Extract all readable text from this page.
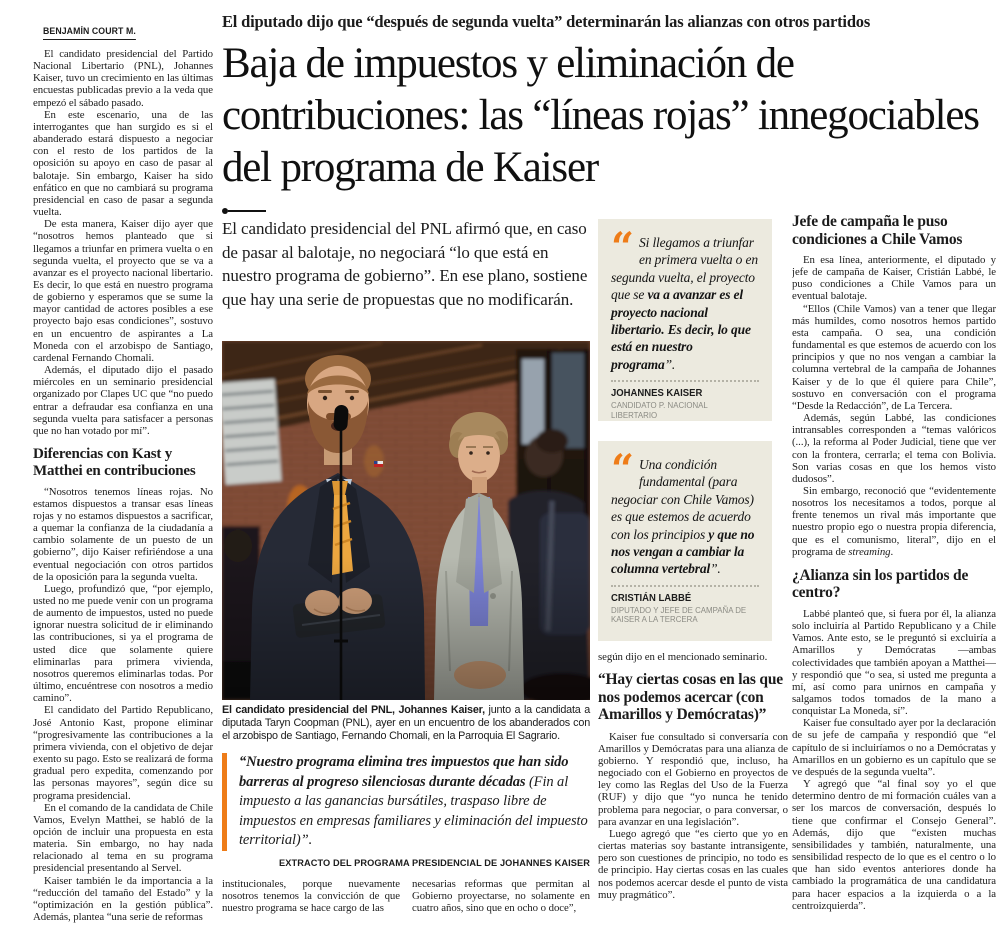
BENJAMÍN COURT M.

El candidato presidencial del Partido Nacional Libertario (PNL), Johannes Kaiser, tuvo un crecimiento en las últimas encuestas publicadas previo a la veda que empezó el sábado pasado.

En este escenario, una de las interrogantes que han surgido es si el abanderado estará dispuesto a negociar con el resto de los partidos de la oposición su apoyo en caso de pasar al balotaje. Sin embargo, Kaiser ha sido enfático en que no cambiará su programa presidencial en caso de pasar a segunda vuelta.

De esta manera, Kaiser dijo ayer que “nosotros hemos planteado que si llegamos a triunfar en primera vuelta o en segunda vuelta, el proyecto que se va a avanzar es el proyecto nacional libertario. Es decir, lo que está en nuestro programa de gobierno y esperamos que se sume la mayor cantidad de actores posibles a ese proyecto bajo esas condiciones”, sostuvo en un encuentro de aspirantes a La Moneda con el arzobispo de Santiago, cardenal Fernando Chomali.

Además, el diputado dijo el pasado miércoles en un seminario presidencial organizado por Clapes UC que “no puedo entrar a defraudar esa confianza en una segunda vuelta para satisfacer a personas que no han votado por mí”.

Diferencias con Kast y Matthei en contribuciones

“Nosotros tenemos líneas rojas. No estamos dispuestos a transar esas líneas rojas y no estamos dispuestos a sacrificar, a quemar la confianza de la ciudadanía a cambio solamente de un puesto de un gobierno”, dijo Kaiser refiriéndose a una eventual negociación con otros partidos de la oposición para la segunda vuelta.

Luego, profundizó que, “por ejemplo, usted no me puede venir con un programa de aumento de impuestos, usted no puede ignorar nuestra solicitud de ir eliminando las contribuciones, si ya el programa de usted dice que solamente quiere eliminarlas para primera vivienda, nosotros queremos eliminarlas todas. Por último, encuéntrese con nosotros a medio camino”.

El candidato del Partido Republicano, José Antonio Kast, propone eliminar “progresivamente las contribuciones a la primera vivienda, con el objetivo de dejar exento su pago. Esto se realizará de forma gradual pero expedita, comenzando por las personas mayores”, según dice su programa presidencial.

En el comando de la candidata de Chile Vamos, Evelyn Matthei, se habló de la opción de incluir una propuesta en esta materia. Sin embargo, no hay nada relacionado al tema en su programa presidencial presentando al Servel.

Kaiser también le da importancia a la “reducción del tamaño del Estado” y la “optimización en la gestión pública”. Además, plantea “una serie de reformas

El diputado dijo que “después de segunda vuelta” determinarán las alianzas con otros partidos
Baja de impuestos y eliminación de contribuciones: las “líneas rojas” innegociables del programa de Kaiser
El candidato presidencial del PNL afirmó que, en caso de pasar al balotaje, no negociará “lo que está en nuestro programa de gobierno”. En ese plano, sostiene que hay una serie de propuestas que no modificarán.
El candidato presidencial del PNL, Johannes Kaiser, junto a la candidata a diputada Taryn Coopman (PNL), ayer en un encuentro de los abanderados con el arzobispo de Santiago, Fernando Chomali, en la Parroquia El Sagrario.
“Nuestro programa elimina tres impuestos que han sido barreras al progreso silenciosas durante décadas (Fin al impuesto a las ganancias bursátiles, traspaso libre de impuestos en empresas familiares y eliminación del impuesto territorial)”.
EXTRACTO DEL PROGRAMA PRESIDENCIAL DE JOHANNES KAISER

institucionales, porque nuevamente nosotros tenemos la convicción de que nuestro programa se hace cargo de las

necesarias reformas que permitan al Gobierno proyectarse, no solamente en cuatro años, sino que en ocho o doce”,

“
Si llegamos a triunfar en primera vuelta o en segunda vuelta, el proyecto que se va a avanzar es el proyecto nacional libertario. Es decir, lo que está en nuestro programa”.
JOHANNES KAISER
CANDIDATO P. NACIONAL LIBERTARIO
“
Una condición fundamental (para negociar con Chile Vamos) es que estemos de acuerdo con los principios y que no nos vengan a cambiar la columna vertebral”.
CRISTIÁN LABBÉ
DIPUTADO Y JEFE DE CAMPAÑA DE KAISER A LA TERCERA

según dijo en el mencionado seminario.

“Hay ciertas cosas en las que nos podemos acercar (con Amarillos y Demócratas)”

Kaiser fue consultado si conversaría con Amarillos y Demócratas para una alianza de gobierno. Y respondió que, incluso, ha negociado con el Gobierno en proyectos de ley como las Reglas del Uso de la Fuerza (RUF) y dijo que “yo nunca he tenido problema para negociar, o para conversar, o para avanzar en una legislación”.

Luego agregó que “es cierto que yo en ciertas materias soy bastante intransigente, pero son cuestiones de principio, no todo es de principio. Hay ciertas cosas en las cuales nos podemos acercar desde el punto de vista muy pragmático”.

Jefe de campaña le puso condiciones a Chile Vamos

En esa línea, anteriormente, el diputado y jefe de campaña de Kaiser, Cristián Labbé, le puso condiciones a Chile Vamos para un eventual balotaje.

“Ellos (Chile Vamos) van a tener que llegar más humildes, como nosotros hemos partido esta campaña. O sea, una condición fundamental es que estemos de acuerdo con los principios y que no nos vengan a cambiar la columna vertebral de la campaña de Johannes Kaiser y de lo que él quiere para Chile”, sostuvo en conversación con el programa “Desde la Redacción”, de La Tercera.

Además, según Labbé, las condiciones intransables corresponden a “temas valóricos (...), la reforma al Poder Judicial, tiene que ver con la frontera, cerrarla; el tema con Bolivia. Son varias cosas en que los hemos visto dudosos”.

Sin embargo, reconoció que “evidentemente nosotros los necesitamos a todos, porque al frente tenemos un rival más importante que nuestro propio ego o nuestra propia diferencia, que es el comunismo, literal”, dijo en el programa de streaming.

¿Alianza sin los partidos de centro?

Labbé planteó que, si fuera por él, la alianza solo incluiría al Partido Republicano y a Chile Vamos. Ante esto, se le preguntó si excluiría a Amarillos y Demócratas —ambas colectividades que también apoyan a Matthei— y respondió que “o sea, si usted me pregunta a mí, así como para unirnos en campaña y salgamos todos tomados de la mano a conquistar La Moneda, sí”.

Kaiser fue consultado ayer por la declaración de su jefe de campaña y respondió que “el capítulo de si incluiríamos o no a Demócratas y Amarillos en un gobierno es un capítulo que se ve después de la segunda vuelta”.

Y agregó que “al final soy yo el que determino dentro de mi formación cuáles van a ser los marcos de conversación, después lo tiene que confirmar el Consejo General”. Además, dijo que “existen muchas sensibilidades y también, naturalmente, una sensibilidad respecto de lo que es el centro o lo que han sido eventos anteriores donde ha cambiado la programática de una candidatura para hacer espacios a la izquierda o a la centroizquierda”.
